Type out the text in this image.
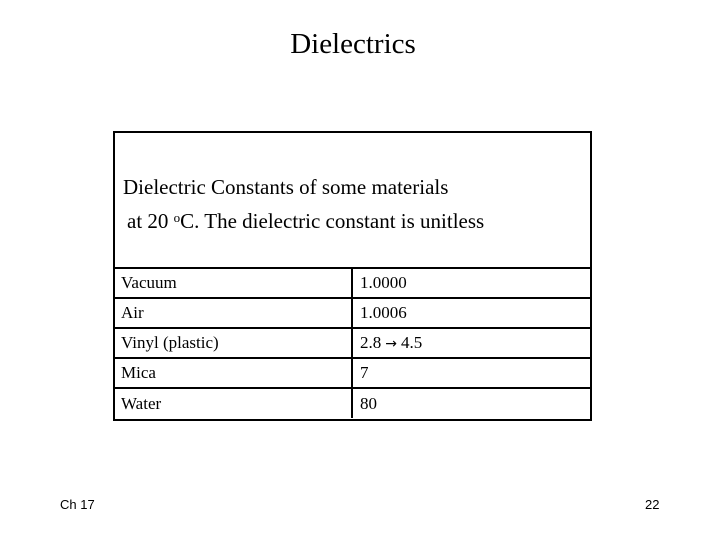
Dielectrics
Dielectric Constants of some materials
at 20 $^o$C. The dielectric constant is unitless
Vacuum	1.0000
Air	1.0006
Vinyl (plastic)	2.8 → 4.5
Mica	7
Water	80
Ch 17	22
